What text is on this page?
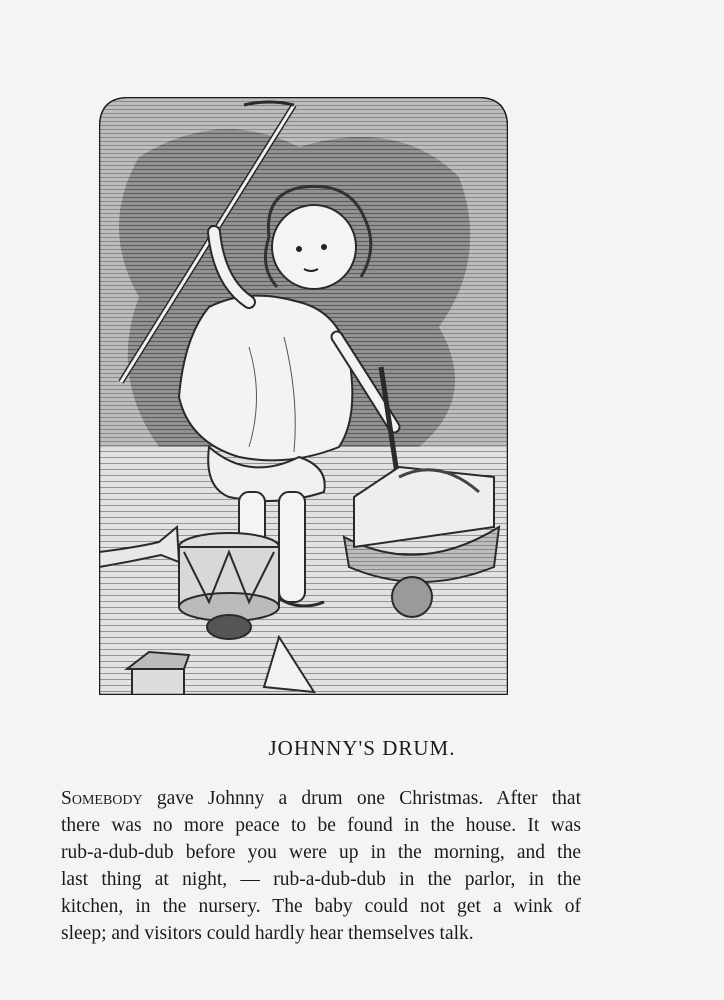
JOHNNY'S DRUM.
Somebody gave Johnny a drum one Christmas. After that
there was no more peace to be found in the house. It was
rub-a-dub-dub before you were up in the morning, and the
last thing at night, — rub-a-dub-dub in the parlor, in the
kitchen, in the nursery. The baby could not get a wink of
sleep; and visitors could hardly hear themselves talk.
